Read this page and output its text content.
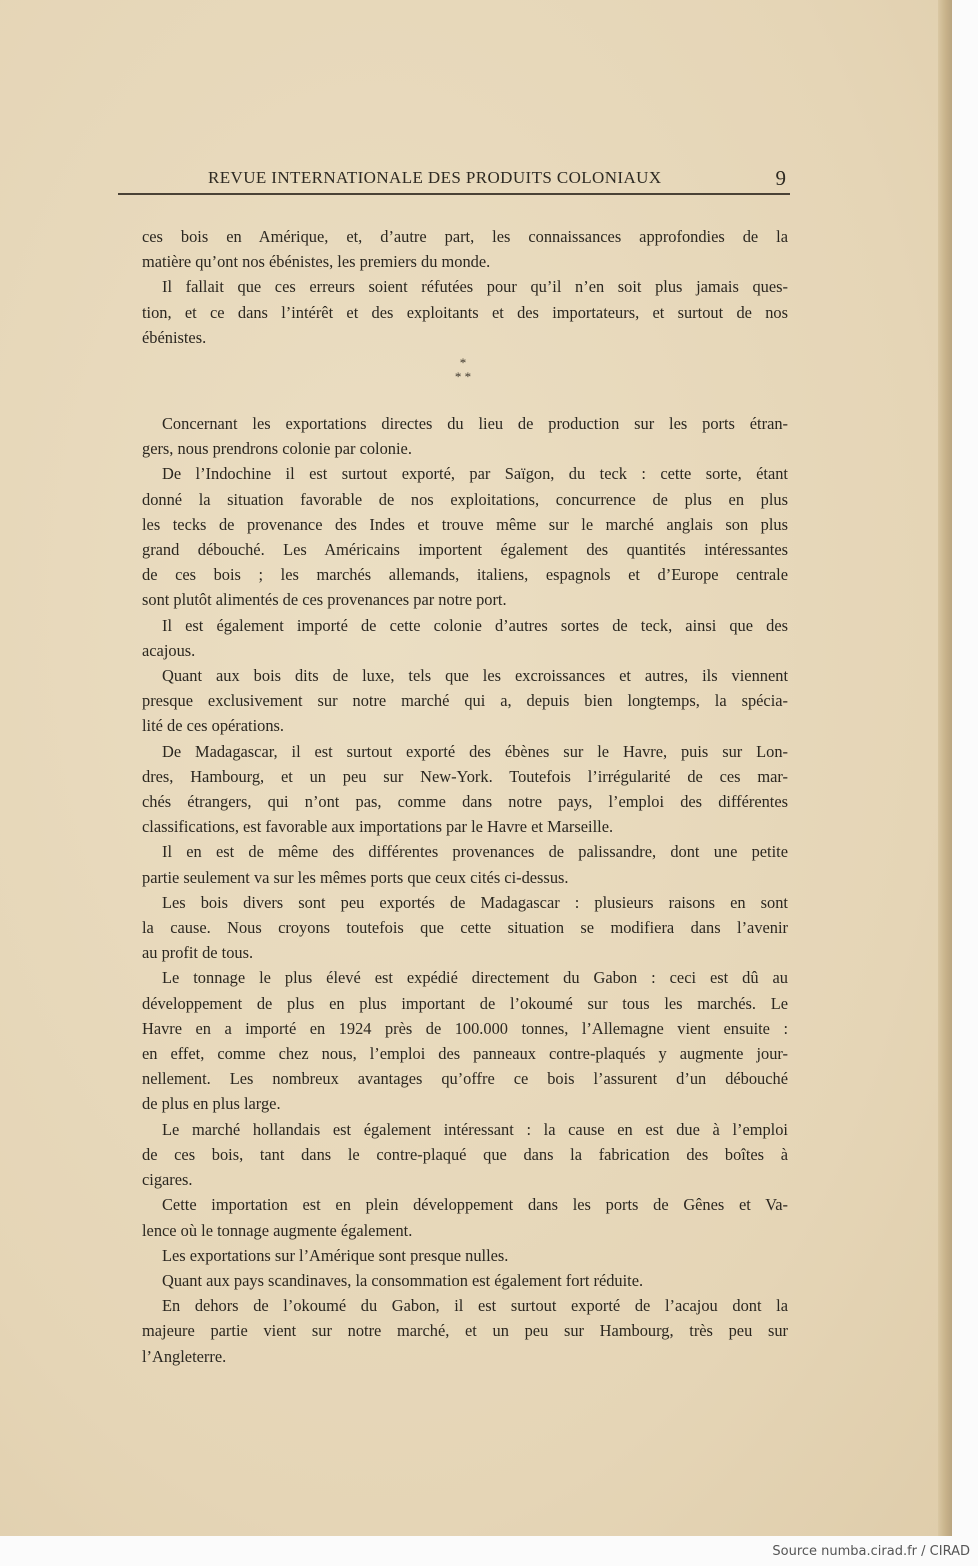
REVUE INTERNATIONALE DES PRODUITS COLONIAUX	9
ces bois en Amérique, et, d’autre part, les connaissances approfondies de la
matière qu’ont nos ébénistes, les premiers du monde.
Il fallait que ces erreurs soient réfutées pour qu’il n’en soit plus jamais ques-
tion, et ce dans l’intérêt et des exploitants et des importateurs, et surtout de nos
ébénistes.
*
* *
Concernant les exportations directes du lieu de production sur les ports étran-
gers, nous prendrons colonie par colonie.
De l’Indochine il est surtout exporté, par Saïgon, du teck : cette sorte, étant
donné la situation favorable de nos exploitations, concurrence de plus en plus
les tecks de provenance des Indes et trouve même sur le marché anglais son plus
grand débouché. Les Américains importent également des quantités intéressantes
de ces bois ; les marchés allemands, italiens, espagnols et d’Europe centrale
sont plutôt alimentés de ces provenances par notre port.
Il est également importé de cette colonie d’autres sortes de teck, ainsi que des
acajous.
Quant aux bois dits de luxe, tels que les excroissances et autres, ils viennent
presque exclusivement sur notre marché qui a, depuis bien longtemps, la spécia-
lité de ces opérations.
De Madagascar, il est surtout exporté des ébènes sur le Havre, puis sur Lon-
dres, Hambourg, et un peu sur New-York. Toutefois l’irrégularité de ces mar-
chés étrangers, qui n’ont pas, comme dans notre pays, l’emploi des différentes
classifications, est favorable aux importations par le Havre et Marseille.
Il en est de même des différentes provenances de palissandre, dont une petite
partie seulement va sur les mêmes ports que ceux cités ci-dessus.
Les bois divers sont peu exportés de Madagascar : plusieurs raisons en sont
la cause. Nous croyons toutefois que cette situation se modifiera dans l’avenir
au profit de tous.
Le tonnage le plus élevé est expédié directement du Gabon : ceci est dû au
développement de plus en plus important de l’okoumé sur tous les marchés. Le
Havre en a importé en 1924 près de 100.000 tonnes, l’Allemagne vient ensuite :
en effet, comme chez nous, l’emploi des panneaux contre-plaqués y augmente jour-
nellement. Les nombreux avantages qu’offre ce bois l’assurent d’un débouché
de plus en plus large.
Le marché hollandais est également intéressant : la cause en est due à l’emploi
de ces bois, tant dans le contre-plaqué que dans la fabrication des boîtes à
cigares.
Cette importation est en plein développement dans les ports de Gênes et Va-
lence où le tonnage augmente également.
Les exportations sur l’Amérique sont presque nulles.
Quant aux pays scandinaves, la consommation est également fort réduite.
En dehors de l’okoumé du Gabon, il est surtout exporté de l’acajou dont la
majeure partie vient sur notre marché, et un peu sur Hambourg, très peu sur
l’Angleterre.
Source numba.cirad.fr / CIRAD
